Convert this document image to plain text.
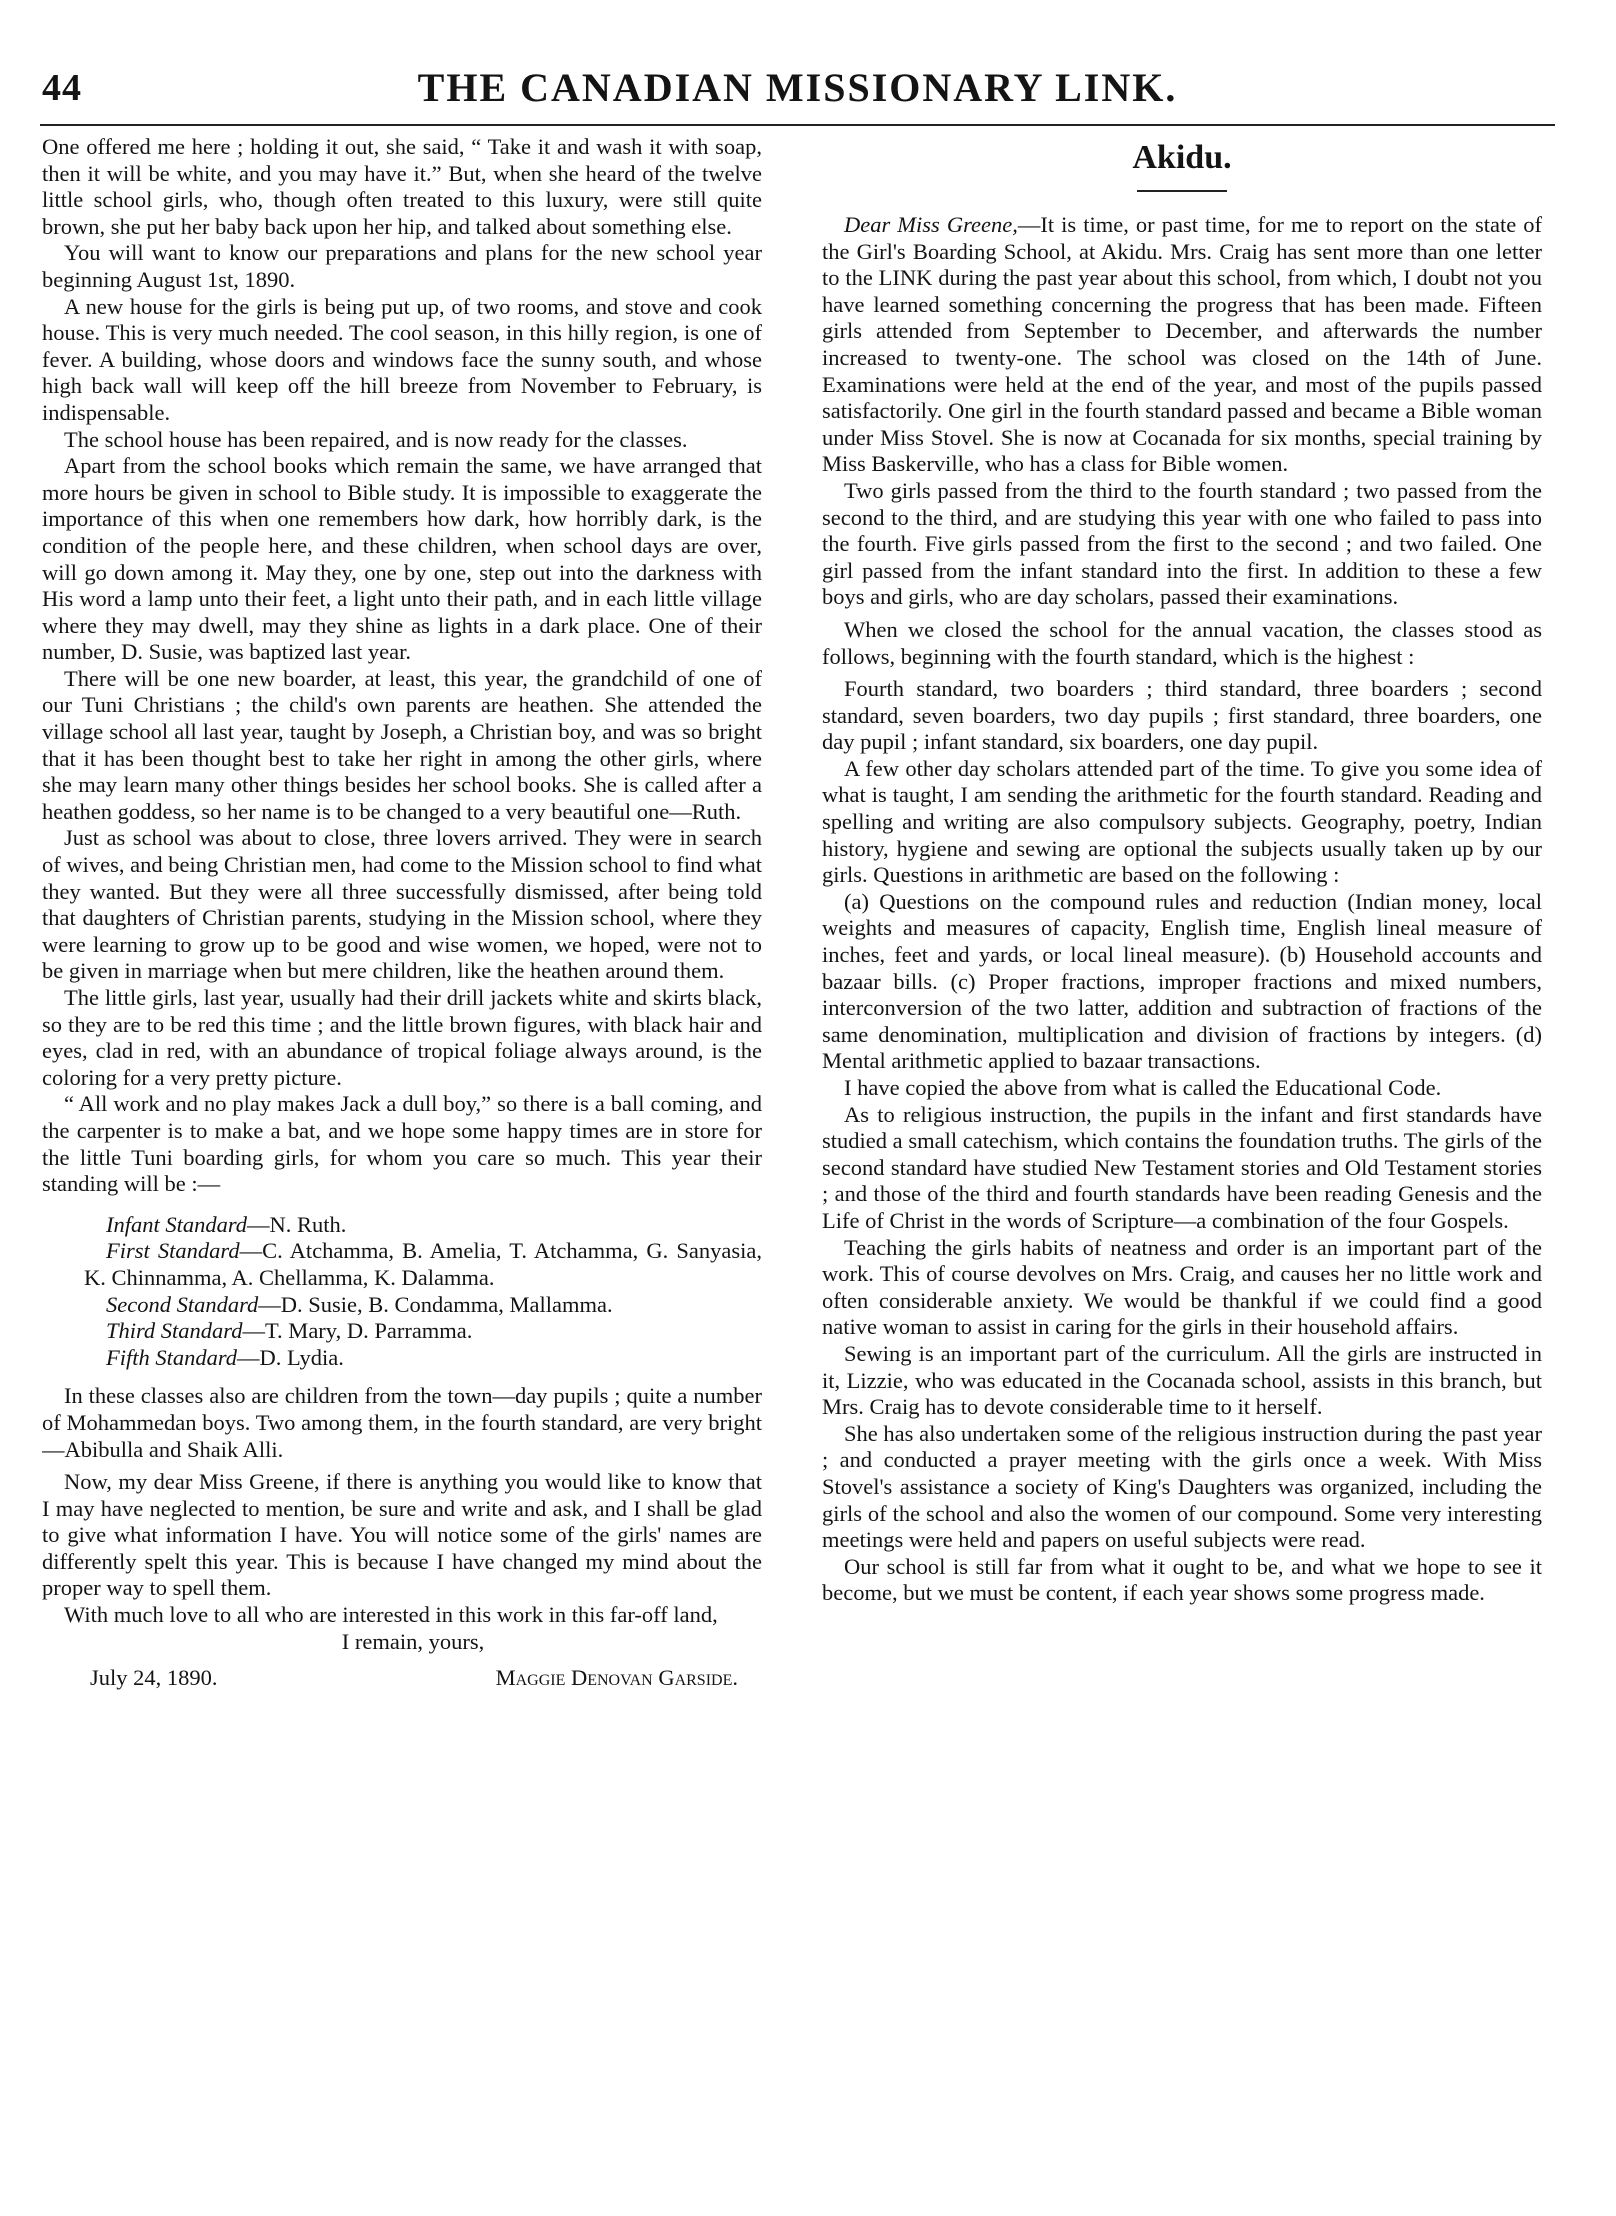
44	THE CANADIAN MISSIONARY LINK.

One offered me here ; holding it out, she said, “ Take it and wash it with soap, then it will be white, and you may have it.” But, when she heard of the twelve little school girls, who, though often treated to this luxury, were still quite brown, she put her baby back upon her hip, and talked about something else.

You will want to know our preparations and plans for the new school year beginning August 1st, 1890.

A new house for the girls is being put up, of two rooms, and stove and cook house. This is very much needed. The cool season, in this hilly region, is one of fever. A building, whose doors and windows face the sunny south, and whose high back wall will keep off the hill breeze from November to February, is indispensable.

The school house has been repaired, and is now ready for the classes.

Apart from the school books which remain the same, we have arranged that more hours be given in school to Bible study. It is impossible to exaggerate the importance of this when one remembers how dark, how horribly dark, is the condition of the people here, and these children, when school days are over, will go down among it. May they, one by one, step out into the darkness with His word a lamp unto their feet, a light unto their path, and in each little village where they may dwell, may they shine as lights in a dark place. One of their number, D. Susie, was baptized last year.

There will be one new boarder, at least, this year, the grandchild of one of our Tuni Christians ; the child's own parents are heathen. She attended the village school all last year, taught by Joseph, a Christian boy, and was so bright that it has been thought best to take her right in among the other girls, where she may learn many other things besides her school books. She is called after a heathen goddess, so her name is to be changed to a very beautiful one—Ruth.

Just as school was about to close, three lovers arrived. They were in search of wives, and being Christian men, had come to the Mission school to find what they wanted. But they were all three successfully dismissed, after being told that daughters of Christian parents, studying in the Mission school, where they were learning to grow up to be good and wise women, we hoped, were not to be given in marriage when but mere children, like the heathen around them.

The little girls, last year, usually had their drill jackets white and skirts black, so they are to be red this time ; and the little brown figures, with black hair and eyes, clad in red, with an abundance of tropical foliage always around, is the coloring for a very pretty picture.

“ All work and no play makes Jack a dull boy,” so there is a ball coming, and the carpenter is to make a bat, and we hope some happy times are in store for the little Tuni boarding girls, for whom you care so much. This year their standing will be :—

Infant Standard—N. Ruth.

First Standard—C. Atchamma, B. Amelia, T. Atchamma, G. Sanyasia, K. Chinnamma, A. Chellamma, K. Dalamma.

Second Standard—D. Susie, B. Condamma, Mallamma.

Third Standard—T. Mary, D. Parramma.

Fifth Standard—D. Lydia.

In these classes also are children from the town—day pupils ; quite a number of Mohammedan boys. Two among them, in the fourth standard, are very bright—Abibulla and Shaik Alli.

Now, my dear Miss Greene, if there is anything you would like to know that I may have neglected to mention, be sure and write and ask, and I shall be glad to give what information I have. You will notice some of the girls' names are differently spelt this year. This is because I have changed my mind about the proper way to spell them.

With much love to all who are interested in this work in this far-off land,

I remain, yours,

July 24, 1890.	Maggie Denovan Garside.
Akidu.

Dear Miss Greene,—It is time, or past time, for me to report on the state of the Girl's Boarding School, at Akidu. Mrs. Craig has sent more than one letter to the LINK during the past year about this school, from which, I doubt not you have learned something concerning the progress that has been made. Fifteen girls attended from September to December, and afterwards the number increased to twenty-one. The school was closed on the 14th of June. Examinations were held at the end of the year, and most of the pupils passed satisfactorily. One girl in the fourth standard passed and became a Bible woman under Miss Stovel. She is now at Cocanada for six months, special training by Miss Baskerville, who has a class for Bible women.

Two girls passed from the third to the fourth standard ; two passed from the second to the third, and are studying this year with one who failed to pass into the fourth. Five girls passed from the first to the second ; and two failed. One girl passed from the infant standard into the first. In addition to these a few boys and girls, who are day scholars, passed their examinations.

When we closed the school for the annual vacation, the classes stood as follows, beginning with the fourth standard, which is the highest :

Fourth standard, two boarders ; third standard, three boarders ; second standard, seven boarders, two day pupils ; first standard, three boarders, one day pupil ; infant standard, six boarders, one day pupil.

A few other day scholars attended part of the time. To give you some idea of what is taught, I am sending the arithmetic for the fourth standard. Reading and spelling and writing are also compulsory subjects. Geography, poetry, Indian history, hygiene and sewing are optional the subjects usually taken up by our girls. Questions in arithmetic are based on the following :

(a) Questions on the compound rules and reduction (Indian money, local weights and measures of capacity, English time, English lineal measure of inches, feet and yards, or local lineal measure). (b) Household accounts and bazaar bills. (c) Proper fractions, improper fractions and mixed numbers, interconversion of the two latter, addition and subtraction of fractions of the same denomination, multiplication and division of fractions by integers. (d) Mental arithmetic applied to bazaar transactions.

I have copied the above from what is called the Educational Code.

As to religious instruction, the pupils in the infant and first standards have studied a small catechism, which contains the foundation truths. The girls of the second standard have studied New Testament stories and Old Testament stories ; and those of the third and fourth standards have been reading Genesis and the Life of Christ in the words of Scripture—a combination of the four Gospels.

Teaching the girls habits of neatness and order is an important part of the work. This of course devolves on Mrs. Craig, and causes her no little work and often considerable anxiety. We would be thankful if we could find a good native woman to assist in caring for the girls in their household affairs.

Sewing is an important part of the curriculum. All the girls are instructed in it, Lizzie, who was educated in the Cocanada school, assists in this branch, but Mrs. Craig has to devote considerable time to it herself.

She has also undertaken some of the religious instruction during the past year ; and conducted a prayer meeting with the girls once a week. With Miss Stovel's assistance a society of King's Daughters was organized, including the girls of the school and also the women of our compound. Some very interesting meetings were held and papers on useful subjects were read.

Our school is still far from what it ought to be, and what we hope to see it become, but we must be content, if each year shows some progress made.
